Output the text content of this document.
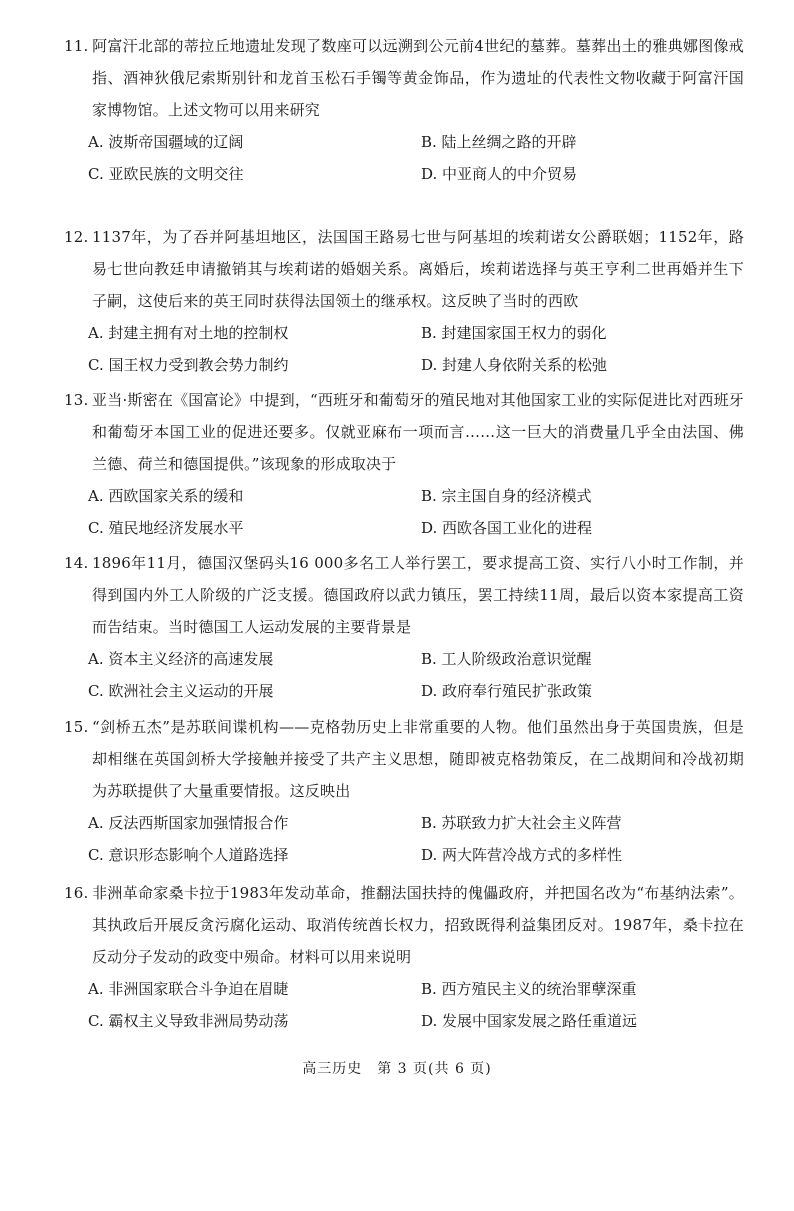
11. 阿富汗北部的蒂拉丘地遗址发现了数座可以远溯到公元前4世纪的墓葬。墓葬出土的雅典娜图像戒指、酒神狄俄尼索斯别针和龙首玉松石手镯等黄金饰品，作为遗址的代表性文物收藏于阿富汗国家博物馆。上述文物可以用来研究

A. 波斯帝国疆域的辽阔	B. 陆上丝绸之路的开辟
C. 亚欧民族的文明交往	D. 中亚商人的中介贸易

12. 1137年，为了吞并阿基坦地区，法国国王路易七世与阿基坦的埃莉诺女公爵联姻；1152年，路易七世向教廷申请撤销其与埃莉诺的婚姻关系。离婚后，埃莉诺选择与英王亨利二世再婚并生下子嗣，这使后来的英王同时获得法国领土的继承权。这反映了当时的西欧

A. 封建主拥有对土地的控制权	B. 封建国家国王权力的弱化
C. 国王权力受到教会势力制约	D. 封建人身依附关系的松弛

13. 亚当·斯密在《国富论》中提到，“西班牙和葡萄牙的殖民地对其他国家工业的实际促进比对西班牙和葡萄牙本国工业的促进还要多。仅就亚麻布一项而言……这一巨大的消费量几乎全由法国、佛兰德、荷兰和德国提供。”该现象的形成取决于

A. 西欧国家关系的缓和	B. 宗主国自身的经济模式
C. 殖民地经济发展水平	D. 西欧各国工业化的进程

14. 1896年11月，德国汉堡码头16 000多名工人举行罢工，要求提高工资、实行八小时工作制，并得到国内外工人阶级的广泛支援。德国政府以武力镇压，罢工持续11周，最后以资本家提高工资而告结束。当时德国工人运动发展的主要背景是

A. 资本主义经济的高速发展	B. 工人阶级政治意识觉醒
C. 欧洲社会主义运动的开展	D. 政府奉行殖民扩张政策

15. “剑桥五杰”是苏联间谍机构——克格勃历史上非常重要的人物。他们虽然出身于英国贵族，但是却相继在英国剑桥大学接触并接受了共产主义思想，随即被克格勃策反，在二战期间和冷战初期为苏联提供了大量重要情报。这反映出

A. 反法西斯国家加强情报合作	B. 苏联致力扩大社会主义阵营
C. 意识形态影响个人道路选择	D. 两大阵营冷战方式的多样性

16. 非洲革命家桑卡拉于1983年发动革命，推翻法国扶持的傀儡政府，并把国名改为“布基纳法索”。其执政后开展反贪污腐化运动、取消传统酋长权力，招致既得利益集团反对。1987年，桑卡拉在反动分子发动的政变中殒命。材料可以用来说明

A. 非洲国家联合斗争迫在眉睫	B. 西方殖民主义的统治罪孽深重
C. 霸权主义导致非洲局势动荡	D. 发展中国家发展之路任重道远
高三历史　第 3 页(共 6 页)
